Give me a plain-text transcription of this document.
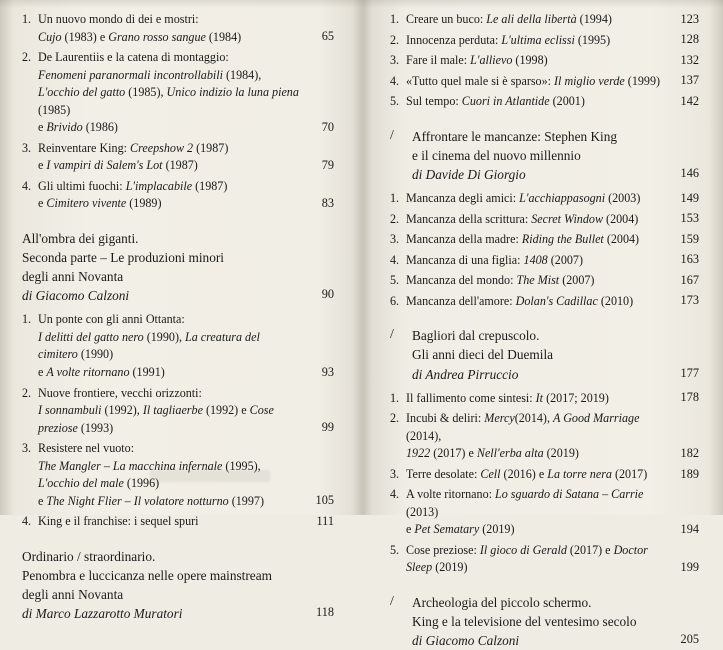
1. Un nuovo mondo di dei e mostri:
Cujo (1983) e Grano rosso sangue (1984)	65
2. De Laurentiis e la catena di montaggio:
Fenomeni paranormali incontrollabili (1984),
L'occhio del gatto (1985), Unico indizio la luna piena (1985)
e Brivido (1986)	70
3. Reinventare King: Creepshow 2 (1987)
e I vampiri di Salem's Lot (1987)	79
4. Gli ultimi fuochi: L'implacabile (1987)
e Cimitero vivente (1989)	83
All'ombra dei giganti.
Seconda parte – Le produzioni minori
degli anni Novanta
di Giacomo Calzoni	90
1. Un ponte con gli anni Ottanta:
I delitti del gatto nero (1990), La creatura del cimitero (1990)
e A volte ritornano (1991)	93
2. Nuove frontiere, vecchi orizzonti:
I sonnambuli (1992), Il tagliaerbe (1992) e Cose preziose (1993)	99
3. Resistere nel vuoto:
The Mangler – La macchina infernale (1995),
L'occhio del male (1996)
e The Night Flier – Il volatore notturno (1997)	105
4. King e il franchise: i sequel spuri	111
Ordinario / straordinario.
Penombra e luccicanza nelle opere mainstream
degli anni Novanta
di Marco Lazzarotto Muratori	118
1. Creare un buco: Le ali della libertà (1994)	123
2. Innocenza perduta: L'ultima eclissi (1995)	128
3. Fare il male: L'allievo (1998)	132
4. «Tutto quel male si è sparso»: Il miglio verde (1999) 137
5. Sul tempo: Cuori in Atlantide (2001)	142
/ Affrontare le mancanze: Stephen King
e il cinema del nuovo millennio
di Davide Di Giorgio	146
1. Mancanza degli amici: L'acchiappasogni (2003)	149
2. Mancanza della scrittura: Secret Window (2004)	153
3. Mancanza della madre: Riding the Bullet (2004)	159
4. Mancanza di una figlia: 1408 (2007)	163
5. Mancanza del mondo: The Mist (2007)	167
6. Mancanza dell'amore: Dolan's Cadillac (2010)	173
/ Bagliori dal crepuscolo.
Gli anni dieci del Duemila
di Andrea Pirruccio	177
1. Il fallimento come sintesi: It (2017; 2019)	178
2. Incubi & deliri: Mercy(2014), A Good Marriage (2014),
1922 (2017) e Nell'erba alta (2019)	182
3. Terre desolate: Cell (2016) e La torre nera (2017)	189
4. A volte ritornano: Lo sguardo di Satana – Carrie (2013)
e Pet Sematary (2019)	194
5. Cose preziose: Il gioco di Gerald (2017) e Doctor Sleep (2019)	199
/ Archeologia del piccolo schermo.
King e la televisione del ventesimo secolo
di Giacomo Calzoni	205
